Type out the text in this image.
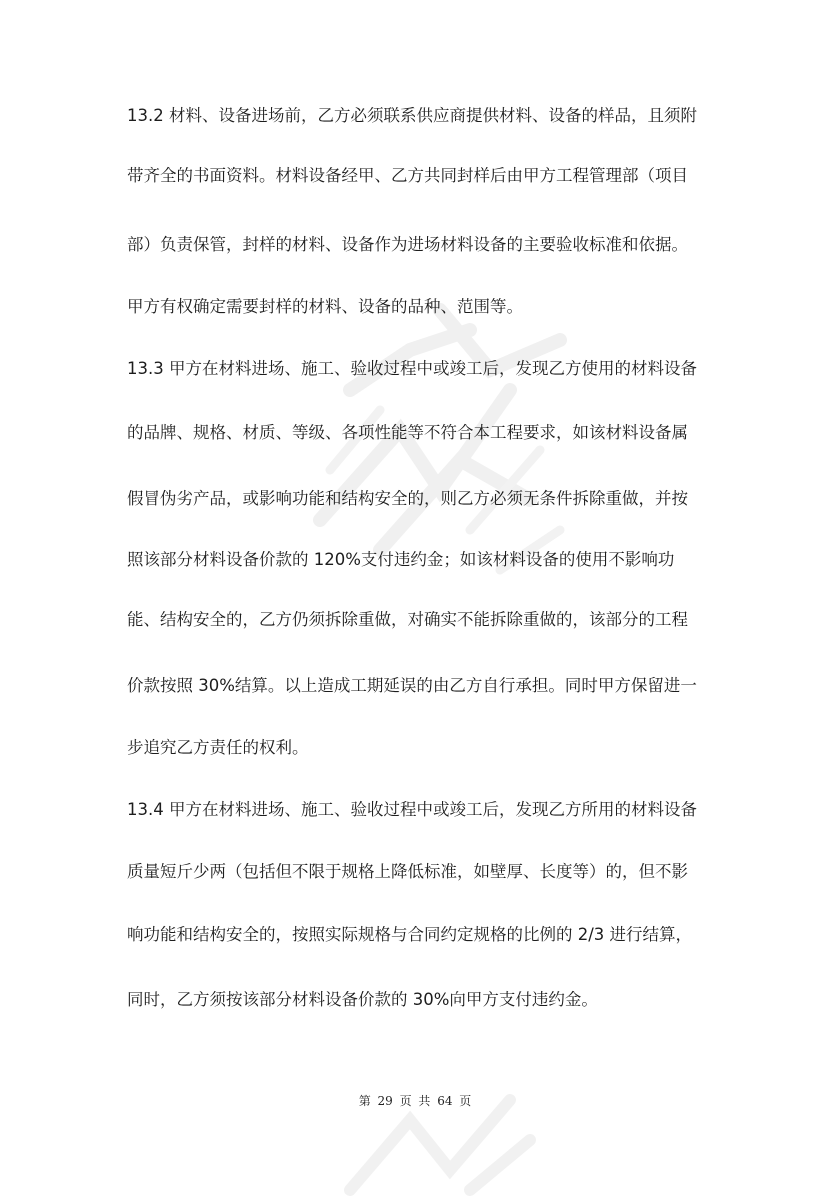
13.2 材料、设备进场前，乙方必须联系供应商提供材料、设备的样品，且须附
带齐全的书面资料。材料设备经甲、乙方共同封样后由甲方工程管理部（项目
部）负责保管，封样的材料、设备作为进场材料设备的主要验收标准和依据。
甲方有权确定需要封样的材料、设备的品种、范围等。
13.3 甲方在材料进场、施工、验收过程中或竣工后，发现乙方使用的材料设备
的品牌、规格、材质、等级、各项性能等不符合本工程要求，如该材料设备属
假冒伪劣产品，或影响功能和结构安全的，则乙方必须无条件拆除重做，并按
照该部分材料设备价款的 120%支付违约金；如该材料设备的使用不影响功
能、结构安全的，乙方仍须拆除重做，对确实不能拆除重做的，该部分的工程
价款按照 30%结算。以上造成工期延误的由乙方自行承担。同时甲方保留进一
步追究乙方责任的权利。
13.4 甲方在材料进场、施工、验收过程中或竣工后，发现乙方所用的材料设备
质量短斤少两（包括但不限于规格上降低标准，如壁厚、长度等）的，但不影
响功能和结构安全的，按照实际规格与合同约定规格的比例的 2/3 进行结算，
同时，乙方须按该部分材料设备价款的 30%向甲方支付违约金。
第 29 页 共 64 页
